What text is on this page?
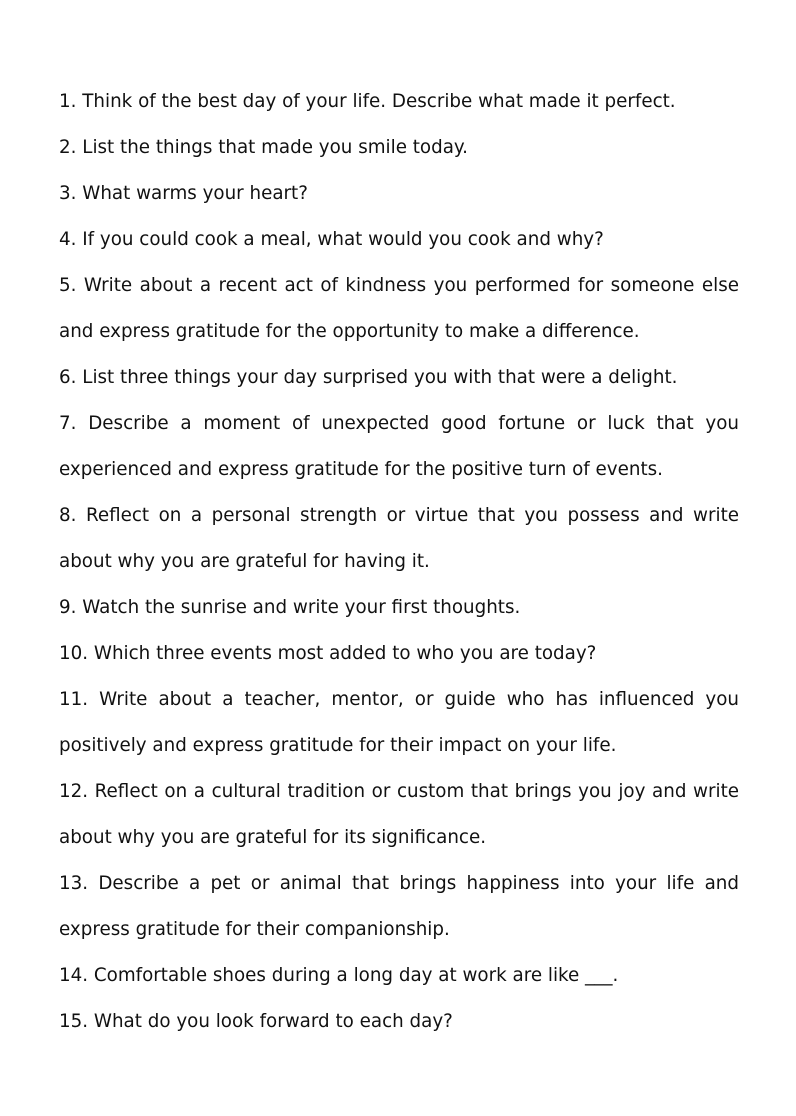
1. Think of the best day of your life. Describe what made it perfect.

2. List the things that made you smile today.

3. What warms your heart?

4. If you could cook a meal, what would you cook and why?

5. Write about a recent act of kindness you performed for someone else and express gratitude for the opportunity to make a difference.

6. List three things your day surprised you with that were a delight.

7. Describe a moment of unexpected good fortune or luck that you experienced and express gratitude for the positive turn of events.

8. Reflect on a personal strength or virtue that you possess and write about why you are grateful for having it.

9. Watch the sunrise and write your first thoughts.

10. Which three events most added to who you are today?

11. Write about a teacher, mentor, or guide who has influenced you positively and express gratitude for their impact on your life.

12. Reflect on a cultural tradition or custom that brings you joy and write about why you are grateful for its significance.

13. Describe a pet or animal that brings happiness into your life and express gratitude for their companionship.

14. Comfortable shoes during a long day at work are like ___.

15. What do you look forward to each day?
